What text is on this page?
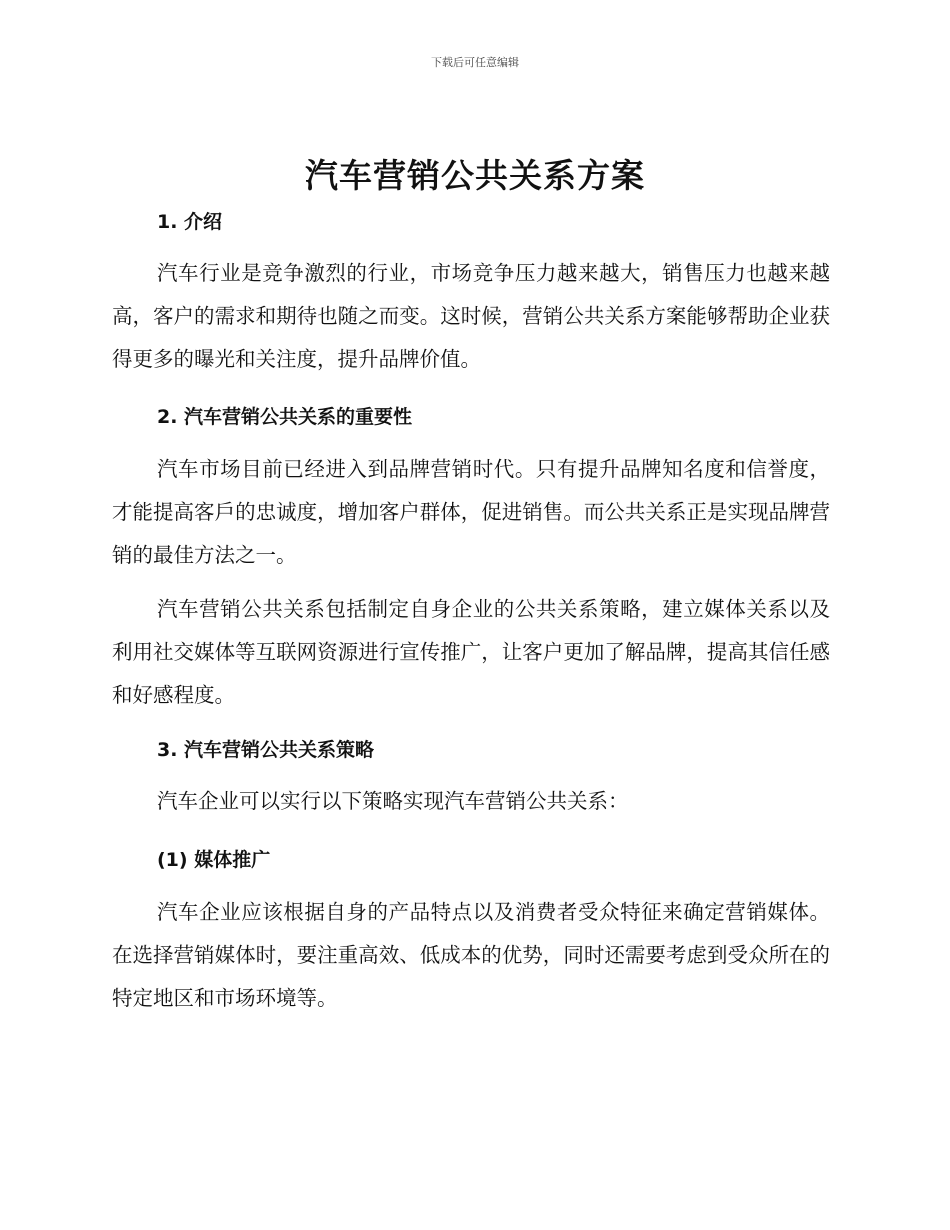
下载后可任意编辑
汽车营销公共关系方案
1. 介绍

汽车行业是竞争激烈的行业，市场竞争压力越来越大，销售压力也越来越高，客户的需求和期待也随之而变。这时候，营销公共关系方案能够帮助企业获得更多的曝光和关注度，提升品牌价值。

2. 汽车营销公共关系的重要性

汽车市场目前已经进入到品牌营销时代。只有提升品牌知名度和信誉度，才能提高客戶的忠诚度，增加客户群体，促进销售。而公共关系正是实现品牌营销的最佳方法之一。

汽车营销公共关系包括制定自身企业的公共关系策略，建立媒体关系以及利用社交媒体等互联网资源进行宣传推广，让客户更加了解品牌，提高其信任感和好感程度。

3. 汽车营销公共关系策略

汽车企业可以实行以下策略实现汽车营销公共关系：

(1) 媒体推广

汽车企业应该根据自身的产品特点以及消费者受众特征来确定营销媒体。在选择营销媒体时，要注重高效、低成本的优势，同时还需要考虑到受众所在的特定地区和市场环境等。
